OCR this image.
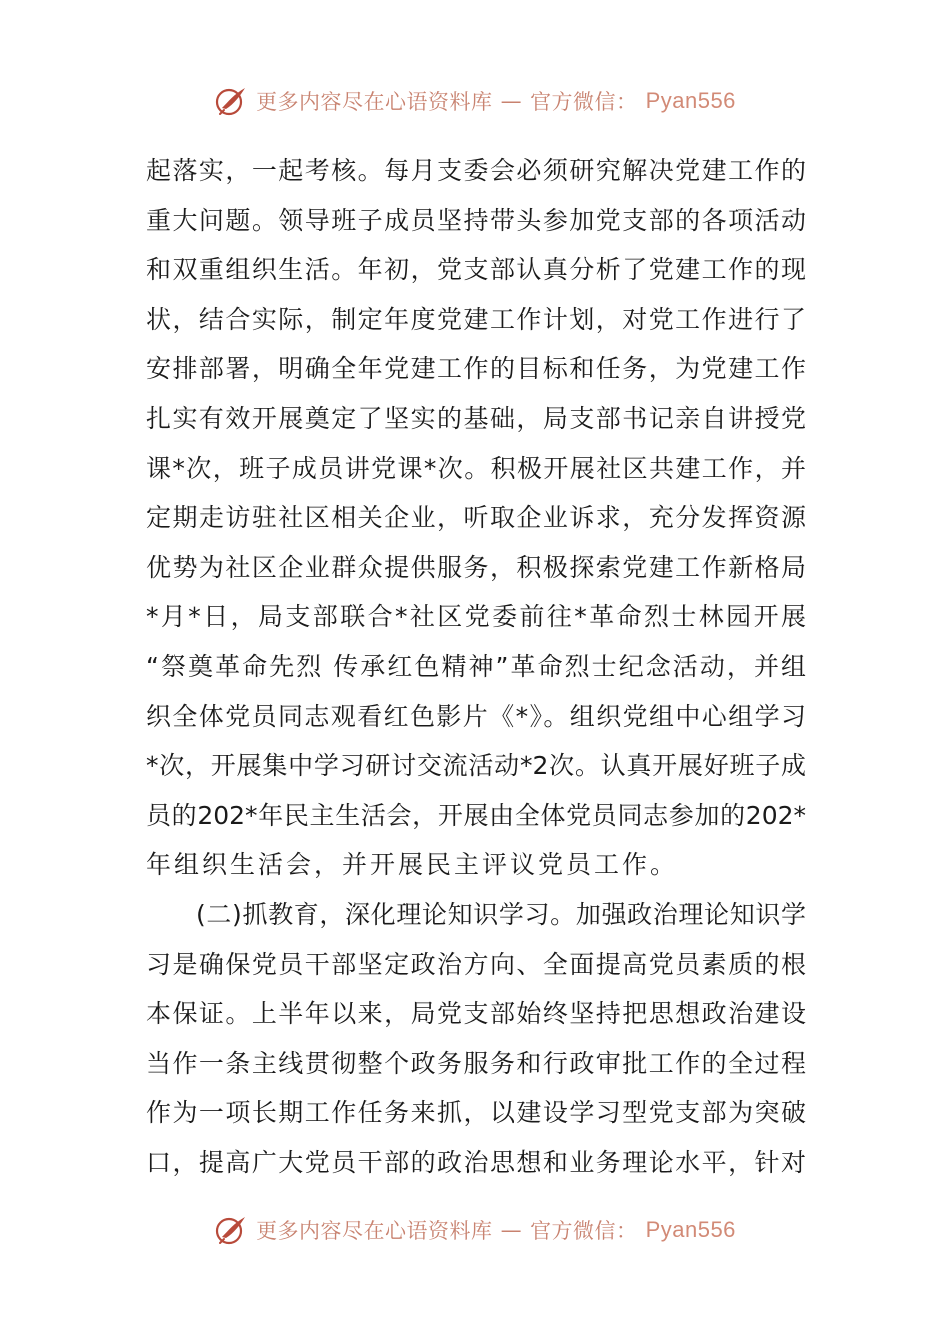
更多内容尽在心语资料库 — 官方微信： Pyan556
起落实，一起考核。每月支委会必须研究解决党建工作的
重大问题。领导班子成员坚持带头参加党支部的各项活动
和双重组织生活。年初，党支部认真分析了党建工作的现
状，结合实际，制定年度党建工作计划，对党工作进行了
安排部署，明确全年党建工作的目标和任务，为党建工作
扎实有效开展奠定了坚实的基础，局支部书记亲自讲授党
课*次，班子成员讲党课*次。积极开展社区共建工作，并
定期走访驻社区相关企业，听取企业诉求，充分发挥资源
优势为社区企业群众提供服务，积极探索党建工作新格局
*月*日，局支部联合*社区党委前往*革命烈士林园开展
“祭奠革命先烈 传承红色精神”革命烈士纪念活动，并组
织全体党员同志观看红色影片《*》。组织党组中心组学习
*次，开展集中学习研讨交流活动*2次。认真开展好班子成
员的202*年民主生活会，开展由全体党员同志参加的202*
年组织生活会，并开展民主评议党员工作。
(二)抓教育，深化理论知识学习。加强政治理论知识学
习是确保党员干部坚定政治方向、全面提高党员素质的根
本保证。上半年以来，局党支部始终坚持把思想政治建设
当作一条主线贯彻整个政务服务和行政审批工作的全过程
作为一项长期工作任务来抓，以建设学习型党支部为突破
口，提高广大党员干部的政治思想和业务理论水平，针对
更多内容尽在心语资料库 — 官方微信： Pyan556
